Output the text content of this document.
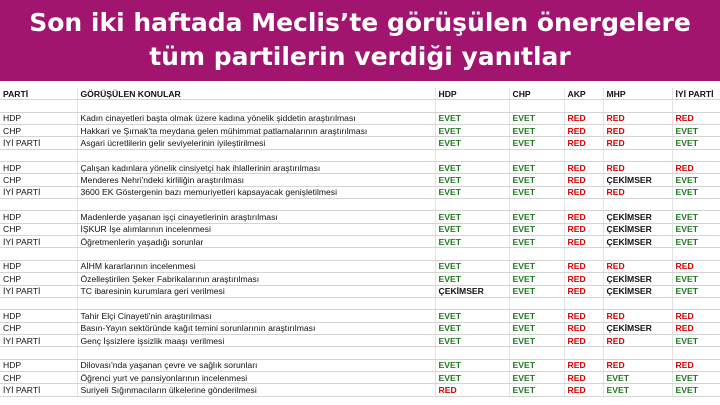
Son iki haftada Meclis’te görüşülen önergelere
tüm partilerin verdiği yanıtlar
PARTİ	GÖRÜŞÜLEN KONULAR	HDP	CHP	AKP	MHP	İYİ PARTİ

HDP	Kadın cinayetleri başta olmak üzere kadına yönelik şiddetin araştırılması	EVET	EVET	RED	RED	RED
CHP	Hakkari ve Şırnak'ta meydana gelen mühimmat patlamalarının araştırılması	EVET	EVET	RED	RED	EVET
İYİ PARTİ	Asgari ücretlilerin gelir seviyelerinin iyileştirilmesi	EVET	EVET	RED	RED	EVET

HDP	Çalışan kadınlara yönelik cinsiyetçi hak ihlallerinin araştırılması	EVET	EVET	RED	RED	RED
CHP	Menderes Nehri'ndeki kirliliğin araştırılması	EVET	EVET	RED	ÇEKİMSER	EVET
İYİ PARTİ	3600 EK Göstergenin bazı memuriyetleri kapsayacak genişletilmesi	EVET	EVET	RED	RED	EVET

HDP	Madenlerde yaşanan işçi cinayetlerinin araştırılması	EVET	EVET	RED	ÇEKİMSER	EVET
CHP	İŞKUR İşe alımlarının incelenmesi	EVET	EVET	RED	ÇEKİMSER	EVET
İYİ PARTİ	Öğretmenlerin yaşadığı sorunlar	EVET	EVET	RED	ÇEKİMSER	EVET

HDP	AİHM kararlarının incelenmesi	EVET	EVET	RED	RED	RED
CHP	Özelleştirilen Şeker Fabrikalarının araştırılması	EVET	EVET	RED	ÇEKİMSER	EVET
İYİ PARTİ	TC ibaresinin kurumlara geri verilmesi	ÇEKİMSER	EVET	RED	ÇEKİMSER	EVET

HDP	Tahir Elçi Cinayeti'nin araştırılması	EVET	EVET	RED	RED	RED
CHP	Basın-Yayın sektöründe kağıt temini sorunlarının araştırılması	EVET	EVET	RED	ÇEKİMSER	RED
İYİ PARTİ	Genç İşsizlere işsizlik maaşı verilmesi	EVET	EVET	RED	RED	EVET

HDP	Dilovası'nda yaşanan çevre ve sağlık sorunları	EVET	EVET	RED	RED	RED
CHP	Öğrenci yurt ve pansiyonlarının incelenmesi	EVET	EVET	RED	EVET	EVET
İYİ PARTİ	Suriyeli Sığınmacıların ülkelerine gönderilmesi	RED	EVET	RED	EVET	EVET
